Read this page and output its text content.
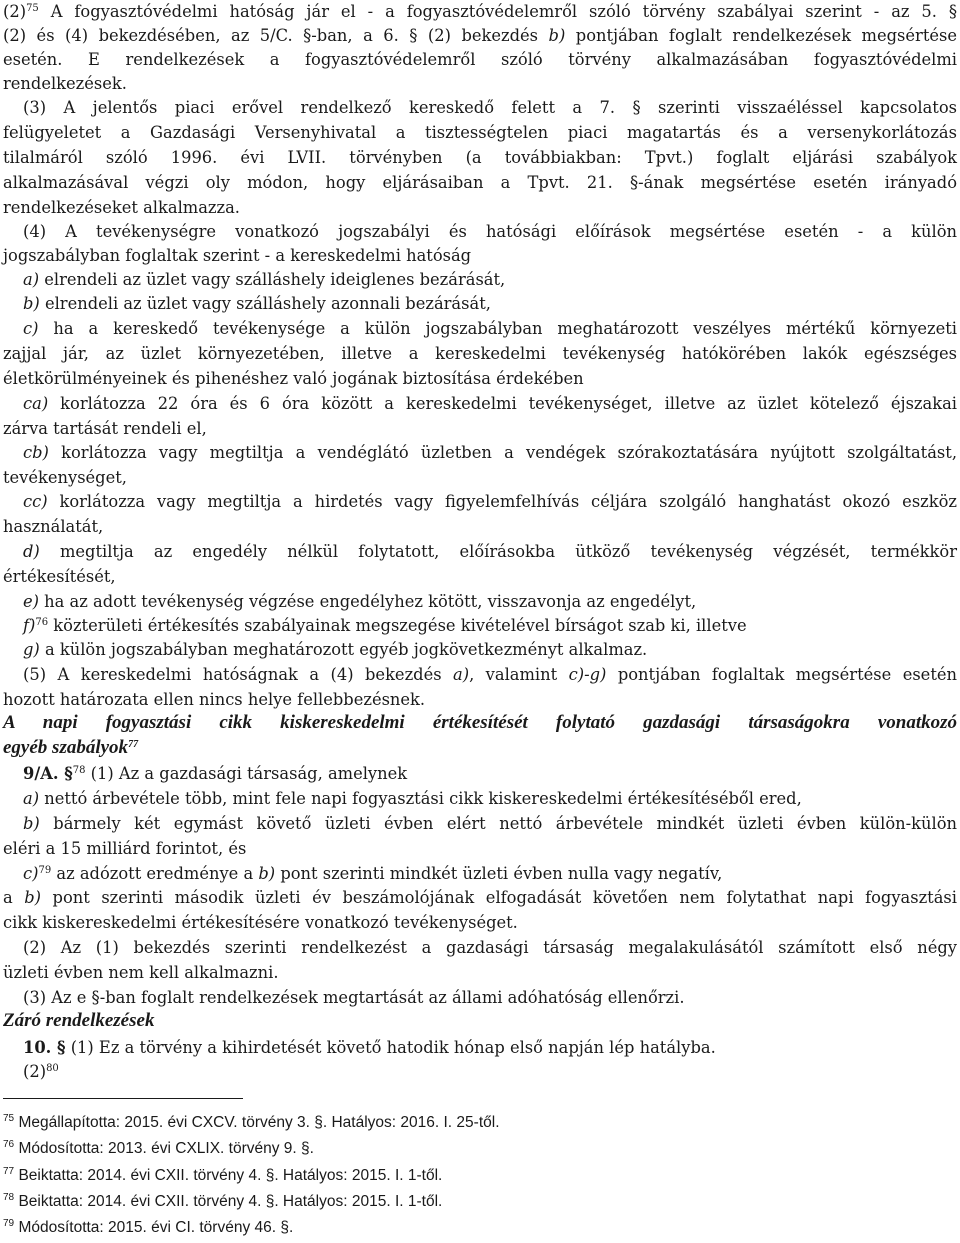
$(2)^{75}$ A fogyasztóvédelmi hatóság jár el - a fogyasztóvédelemről szóló törvény szabályai szerint - az 5. §
(2) és (4) bekezdésében, az 5/C. §-ban, a 6. § (2) bekezdés b) pontjában foglalt rendelkezések megsértése
esetén. E rendelkezések a fogyasztóvédelemről szóló törvény alkalmazásában fogyasztóvédelmi
rendelkezések.
(3) A jelentős piaci erővel rendelkező kereskedő felett a 7. § szerinti visszaéléssel kapcsolatos
felügyeletet a Gazdasági Versenyhivatal a tisztességtelen piaci magatartás és a versenykorlátozás
tilalmáról szóló 1996. évi LVII. törvényben (a továbbiakban: Tpvt.) foglalt eljárási szabályok
alkalmazásával végzi oly módon, hogy eljárásaiban a Tpvt. 21. §-ának megsértése esetén irányadó
rendelkezéseket alkalmazza.
(4) A tevékenységre vonatkozó jogszabályi és hatósági előírások megsértése esetén - a külön
jogszabályban foglaltak szerint - a kereskedelmi hatóság
a) elrendeli az üzlet vagy szálláshely ideiglenes bezárását,
b) elrendeli az üzlet vagy szálláshely azonnali bezárását,
c) ha a kereskedő tevékenysége a külön jogszabályban meghatározott veszélyes mértékű környezeti
zajjal jár, az üzlet környezetében, illetve a kereskedelmi tevékenység hatókörében lakók egészséges
életkörülményeinek és pihenéshez való jogának biztosítása érdekében
ca) korlátozza 22 óra és 6 óra között a kereskedelmi tevékenységet, illetve az üzlet kötelező éjszakai
zárva tartását rendeli el,
cb) korlátozza vagy megtiltja a vendéglátó üzletben a vendégek szórakoztatására nyújtott szolgáltatást,
tevékenységet,
cc) korlátozza vagy megtiltja a hirdetés vagy figyelemfelhívás céljára szolgáló hanghatást okozó eszköz
használatát,
d) megtiltja az engedély nélkül folytatott, előírásokba ütköző tevékenység végzését, termékkör
értékesítését,
e) ha az adott tevékenység végzése engedélyhez kötött, visszavonja az engedélyt,
f)$^{76}$ közterületi értékesítés szabályainak megszegése kivételével bírságot szab ki, illetve
g) a külön jogszabályban meghatározott egyéb jogkövetkezményt alkalmaz.
(5) A kereskedelmi hatóságnak a (4) bekezdés a), valamint c)-g) pontjában foglaltak megsértése esetén
hozott határozata ellen nincs helye fellebbezésnek.
A napi fogyasztási cikk kiskereskedelmi értékesítését folytató gazdasági társaságokra vonatkozó
egyéb szabályok$^{77}$
9/A. §$^{78}$ (1) Az a gazdasági társaság, amelynek
a) nettó árbevétele több, mint fele napi fogyasztási cikk kiskereskedelmi értékesítéséből ered,
b) bármely két egymást követő üzleti évben elért nettó árbevétele mindkét üzleti évben külön-külön
eléri a 15 milliárd forintot, és
c)$^{79}$ az adózott eredménye a b) pont szerinti mindkét üzleti évben nulla vagy negatív,
a b) pont szerinti második üzleti év beszámolójának elfogadását követően nem folytathat napi fogyasztási
cikk kiskereskedelmi értékesítésére vonatkozó tevékenységet.
(2) Az (1) bekezdés szerinti rendelkezést a gazdasági társaság megalakulásától számított első négy
üzleti évben nem kell alkalmazni.
(3) Az e §-ban foglalt rendelkezések megtartását az állami adóhatóság ellenőrzi.
Záró rendelkezések
10. § (1) Ez a törvény a kihirdetését követő hatodik hónap első napján lép hatályba.
$(2)^{80}$
$^{75}$ Megállapította: 2015. évi CXCV. törvény 3. §. Hatályos: 2016. I. 25-től.
$^{76}$ Módosította: 2013. évi CXLIX. törvény 9. §.
$^{77}$ Beiktatta: 2014. évi CXII. törvény 4. §. Hatályos: 2015. I. 1-től.
$^{78}$ Beiktatta: 2014. évi CXII. törvény 4. §. Hatályos: 2015. I. 1-től.
$^{79}$ Módosította: 2015. évi CI. törvény 46. §.
